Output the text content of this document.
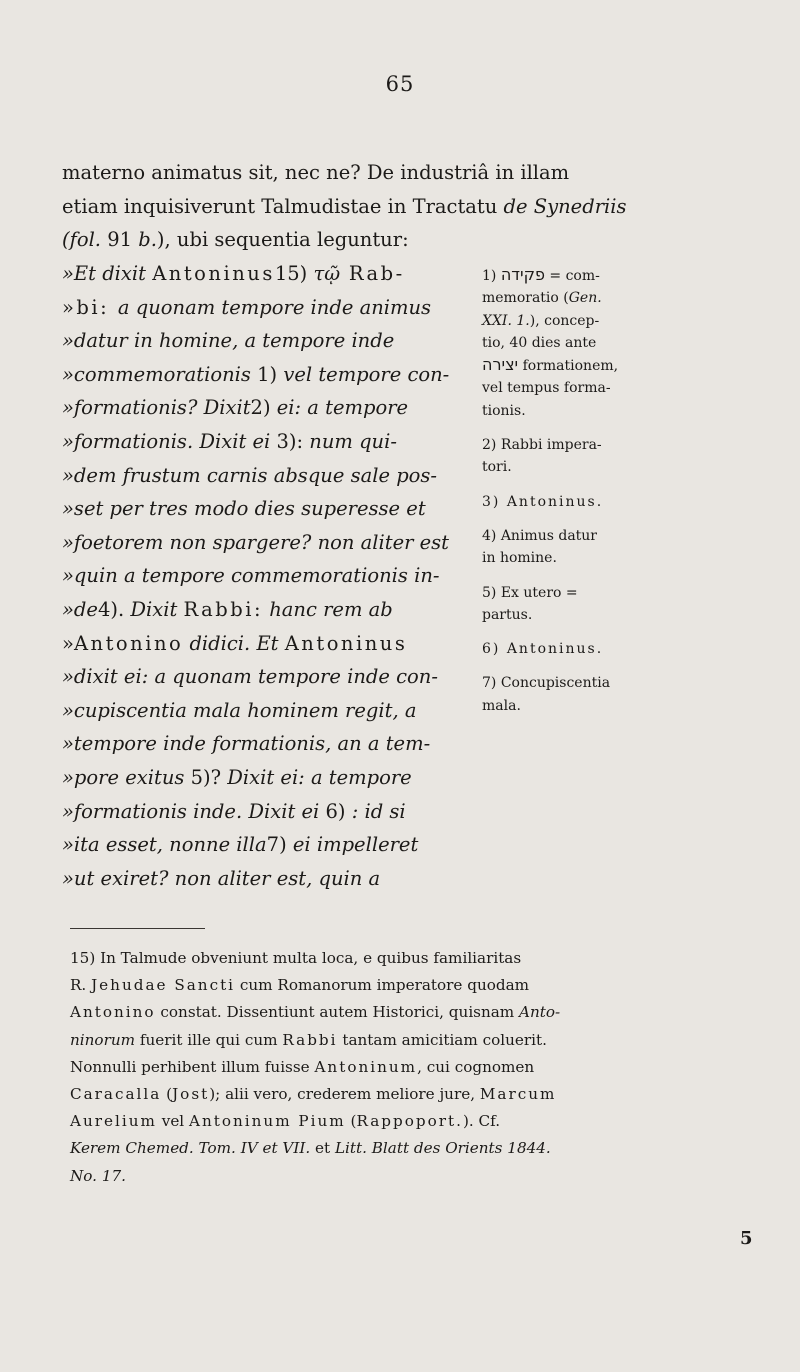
65
materno animatus sit, nec ne? De industriâ in illam
etiam inquisiverunt Talmudistae in Tractatu de Synedriis
(fol. 91 b.), ubi sequentia leguntur:
»Et dixit Antoninus15) τῷ Rab-
»bi: a quonam tempore inde animus
»datur in homine, a tempore inde
»commemorationis 1) vel tempore con-
»formationis? Dixit2) ei: a tempore
»formationis. Dixit ei 3): num qui-
»dem frustum carnis absque sale pos-
»set per tres modo dies superesse et
»foetorem non spargere? non aliter est
»quin a tempore commemorationis in-
»de4). Dixit Rabbi: hanc rem ab
»Antonino didici. Et Antoninus
»dixit ei: a quonam tempore inde con-
»cupiscentia mala hominem regit, a
»tempore inde formationis, an a tem-
»pore exitus 5)? Dixit ei: a tempore
»formationis inde. Dixit ei 6) : id si
»ita esset, nonne illa7) ei impelleret
»ut exiret? non aliter est, quin a
1) פקידה = com-
memoratio (Gen.
XXI. 1.), concep-
tio, 40 dies ante
יצירה formationem,
vel tempus forma-
tionis.
2) Rabbi impera-
tori.
3) Antoninus.
4) Animus datur
in homine.
5) Ex utero =
partus.
6) Antoninus.
7) Concupiscentia
mala.
15) In Talmude obveniunt multa loca, e quibus familiaritas
R. Jehudae Sancti cum Romanorum imperatore quodam
Antonino constat. Dissentiunt autem Historici, quisnam Anto-
ninorum fuerit ille qui cum Rabbi tantam amicitiam coluerit.
Nonnulli perhibent illum fuisse Antoninum, cui cognomen
Caracalla (Jost); alii vero, crederem meliore jure, Marcum
Aurelium vel Antoninum Pium (Rappoport.). Cf.
Kerem Chemed. Tom. IV et VII. et Litt. Blatt des Orients 1844.
No. 17.
5
